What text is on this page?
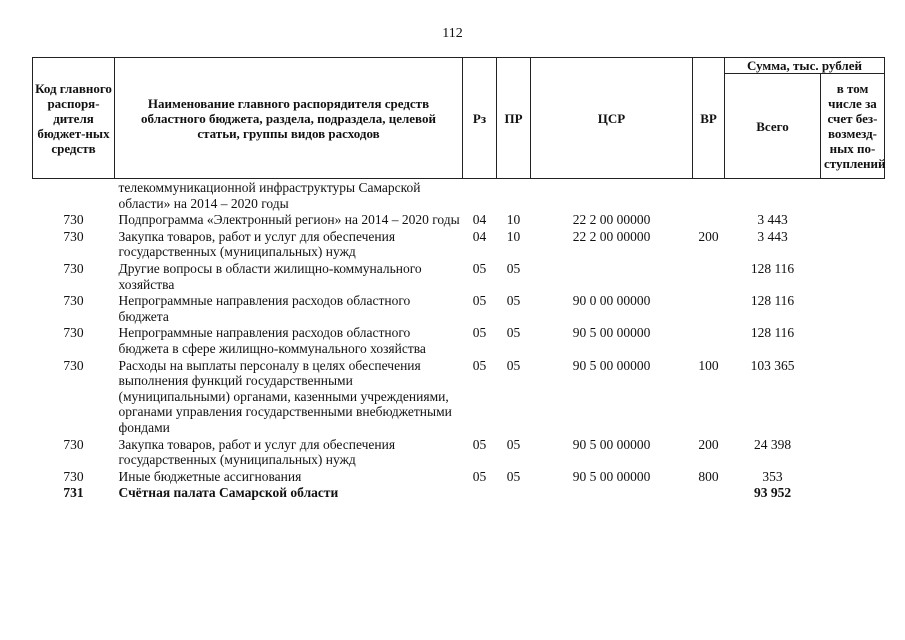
112
Код главного распоря-дителя бюджет-ных средств	Наименование главного распорядителя средств областного бюджета, раздела, подраздела, целевой статьи, группы видов расходов	Рз	ПР	ЦСР	ВР	Сумма, тыс. рублей	
						Всего	в том числе за счет без-возмезд-ных по-ступлений
	телекоммуникационной инфраструктуры Самарской области» на 2014 – 2020 годы						
730	Подпрограмма «Электронный регион» на 2014 – 2020 годы	04	10	22 2 00 00000		3 443	
730	Закупка товаров, работ и услуг для обеспечения государственных (муниципальных) нужд	04	10	22 2 00 00000	200	3 443	
730	Другие вопросы в области жилищно-коммунального хозяйства	05	05			128 116	
730	Непрограммные направления расходов областного бюджета	05	05	90 0 00 00000		128 116	
730	Непрограммные направления расходов областного бюджета в сфере жилищно-коммунального хозяйства	05	05	90 5 00 00000		128 116	
730	Расходы на выплаты персоналу в целях обеспечения выполнения функций государственными (муниципальными) органами, казенными учреждениями, органами управления государственными внебюджетными фондами	05	05	90 5 00 00000	100	103 365	
730	Закупка товаров, работ и услуг для обеспечения государственных (муниципальных) нужд	05	05	90 5 00 00000	200	24 398	
730	Иные бюджетные ассигнования	05	05	90 5 00 00000	800	353	
731	Счётная палата Самарской области					93 952	
